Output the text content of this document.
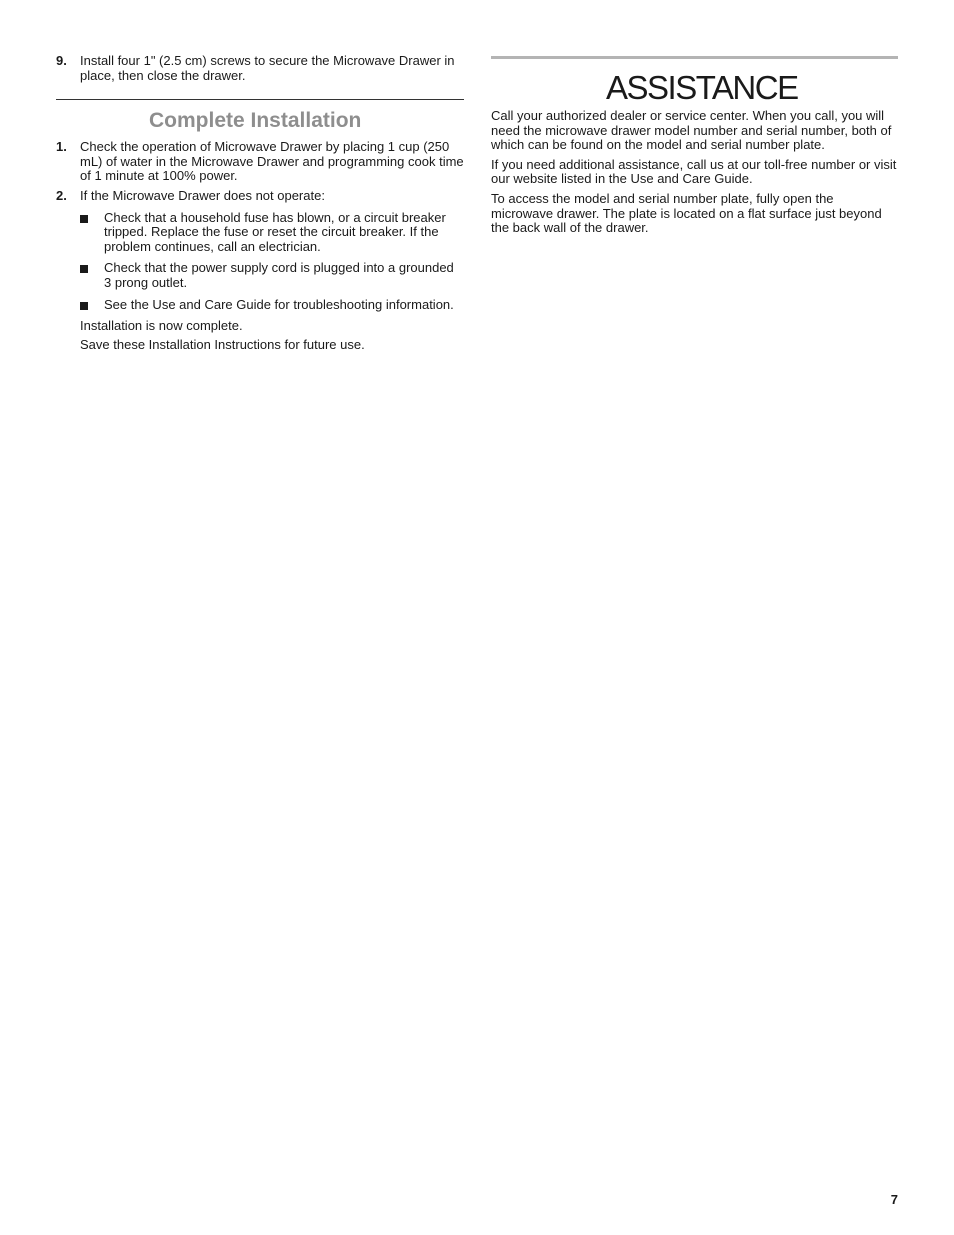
9. Install four 1" (2.5 cm) screws to secure the Microwave Drawer in place, then close the drawer.
Complete Installation
1. Check the operation of Microwave Drawer by placing 1 cup (250 mL) of water in the Microwave Drawer and programming cook time of 1 minute at 100% power.
2. If the Microwave Drawer does not operate:
Check that a household fuse has blown, or a circuit breaker tripped. Replace the fuse or reset the circuit breaker. If the problem continues, call an electrician.
Check that the power supply cord is plugged into a grounded 3 prong outlet.
See the Use and Care Guide for troubleshooting information.
Installation is now complete.
Save these Installation Instructions for future use.
ASSISTANCE
Call your authorized dealer or service center. When you call, you will need the microwave drawer model number and serial number, both of which can be found on the model and serial number plate.
If you need additional assistance, call us at our toll-free number or visit our website listed in the Use and Care Guide.
To access the model and serial number plate, fully open the microwave drawer. The plate is located on a flat surface just beyond the back wall of the drawer.
7
